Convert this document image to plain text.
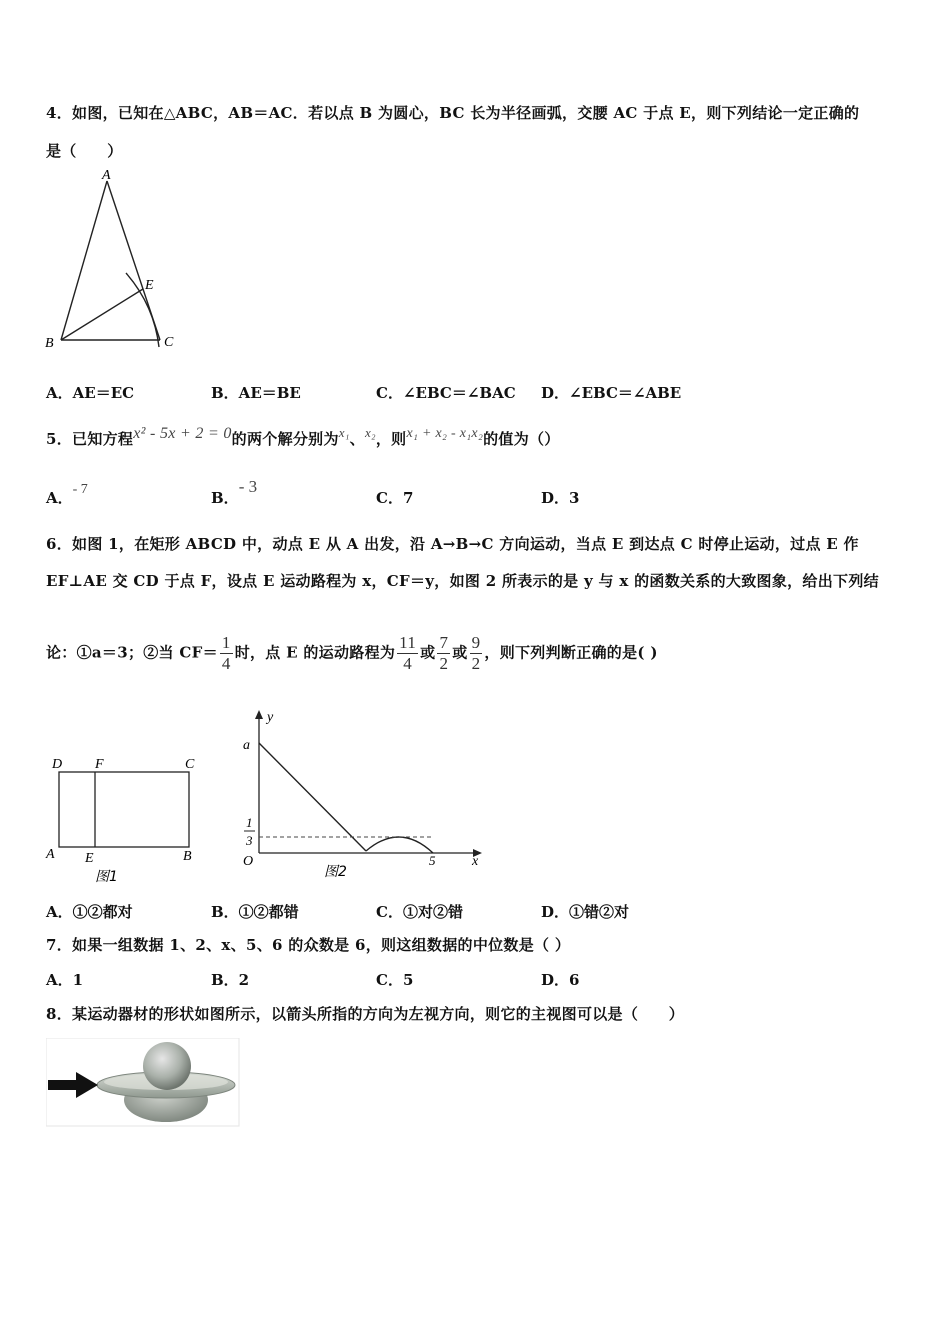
4．如图，已知在△ABC，AB＝AC．若以点 B 为圆心，BC 长为半径画弧，交腰 AC 于点 E，则下列结论一定正确的
是（　　）
A
B	C
E
A．AE＝EC	B．AE＝BE	C．∠EBC＝∠BAC D．∠EBC＝∠ABE
5．已知方程x² - 5x + 2 = 0的两个解分别为x₁、x₂，则x₁ + x₂ - x₁x₂的值为（）
A．- 7	B．- 3
C．7	D．3
6．如图 1，在矩形 ABCD 中，动点 E 从 A 出发，沿 A→B→C 方向运动，当点 E 到达点 C 时停止运动，过点 E 作
EF⊥AE 交 CD 于点 F，设点 E 运动路程为 x，CF＝y，如图 2 所表示的是 y 与 x 的函数关系的大致图象，给出下列结
论：①a＝3；②当 $CF= \frac{1}{4}$ 时，点 E 的运动路程为 $\frac{11}{4}$ 或 $\frac{7}{2}$ 或 $\frac{9}{2}$ ，则下列判断正确的是( )
D F	C
A E	B
图1
y
a
1
3
O	5	x
图2
A．①②都对	B．①②都错	C．①对②错	D．①错②对
7．如果一组数据 1、2、x、5、6 的众数是 6，则这组数据的中位数是（ ）
A．1	B．2	C．5	D．6
8．某运动器材的形状如图所示，以箭头所指的方向为左视方向，则它的主视图可以是（　　）
